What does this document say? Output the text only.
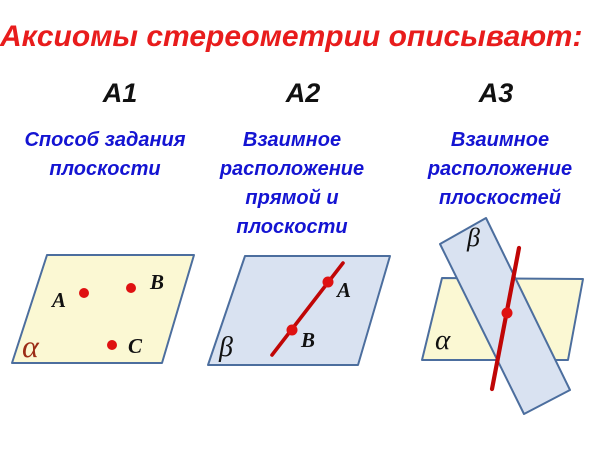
Аксиомы стереометрии описывают:
А1	А2	А3
Способ задания
плоскости
Взаимное
расположение
прямой и
плоскости
Взаимное
расположение
плоскостей
A
B
C
α
A
B
β
β
α
